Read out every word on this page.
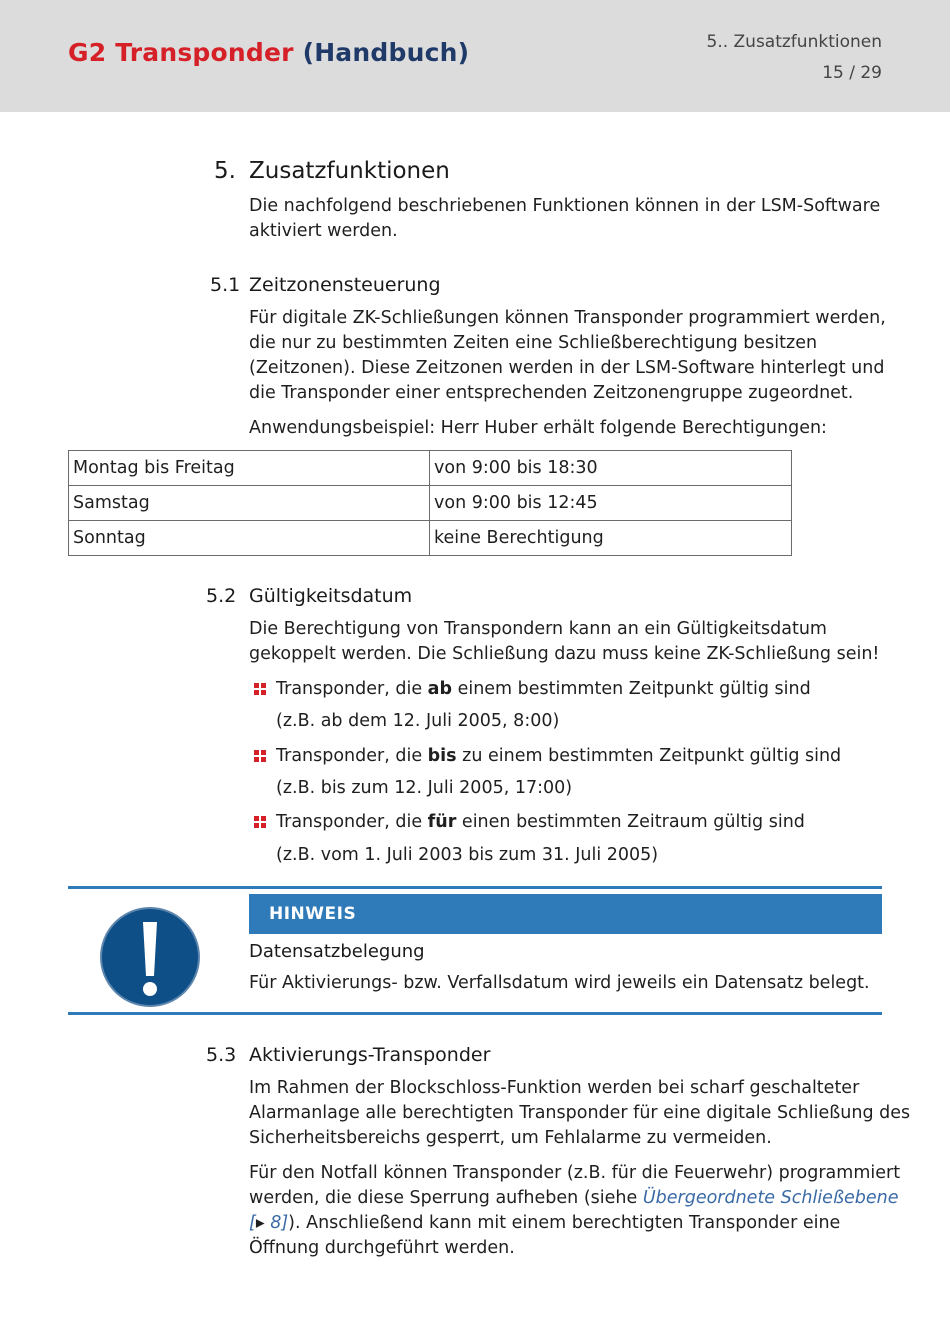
G2 Transponder (Handbuch)	5.. Zusatzfunktionen
15 / 29
5. Zusatzfunktionen
Die nachfolgend beschriebenen Funktionen können in der LSM-Software
aktiviert werden.
5.1 Zeitzonensteuerung
Für digitale ZK-Schließungen können Transponder programmiert werden,
die nur zu bestimmten Zeiten eine Schließberechtigung besitzen
(Zeitzonen). Diese Zeitzonen werden in der LSM-Software hinterlegt und
die Transponder einer entsprechenden Zeitzonengruppe zugeordnet.
Anwendungsbeispiel: Herr Huber erhält folgende Berechtigungen:
Montag bis Freitag	von 9:00 bis 18:30
Samstag	von 9:00 bis 12:45
Sonntag	keine Berechtigung
5.2 Gültigkeitsdatum
Die Berechtigung von Transpondern kann an ein Gültigkeitsdatum
gekoppelt werden. Die Schließung dazu muss keine ZK-Schließung sein!
Transponder, die ab einem bestimmten Zeitpunkt gültig sind
(z.B. ab dem 12. Juli 2005, 8:00)
Transponder, die bis zu einem bestimmten Zeitpunkt gültig sind
(z.B. bis zum 12. Juli 2005, 17:00)
Transponder, die für einen bestimmten Zeitraum gültig sind
(z.B. vom 1. Juli 2003 bis zum 31. Juli 2005)
HINWEIS
Datensatzbelegung
Für Aktivierungs- bzw. Verfallsdatum wird jeweils ein Datensatz belegt.
5.3 Aktivierungs-Transponder
Im Rahmen der Blockschloss-Funktion werden bei scharf geschalteter
Alarmanlage alle berechtigten Transponder für eine digitale Schließung des
Sicherheitsbereichs gesperrt, um Fehlalarme zu vermeiden.
Für den Notfall können Transponder (z.B. für die Feuerwehr) programmiert
werden, die diese Sperrung aufheben (siehe Übergeordnete Schließebene
[▸ 8]). Anschließend kann mit einem berechtigten Transponder eine
Öffnung durchgeführt werden.
